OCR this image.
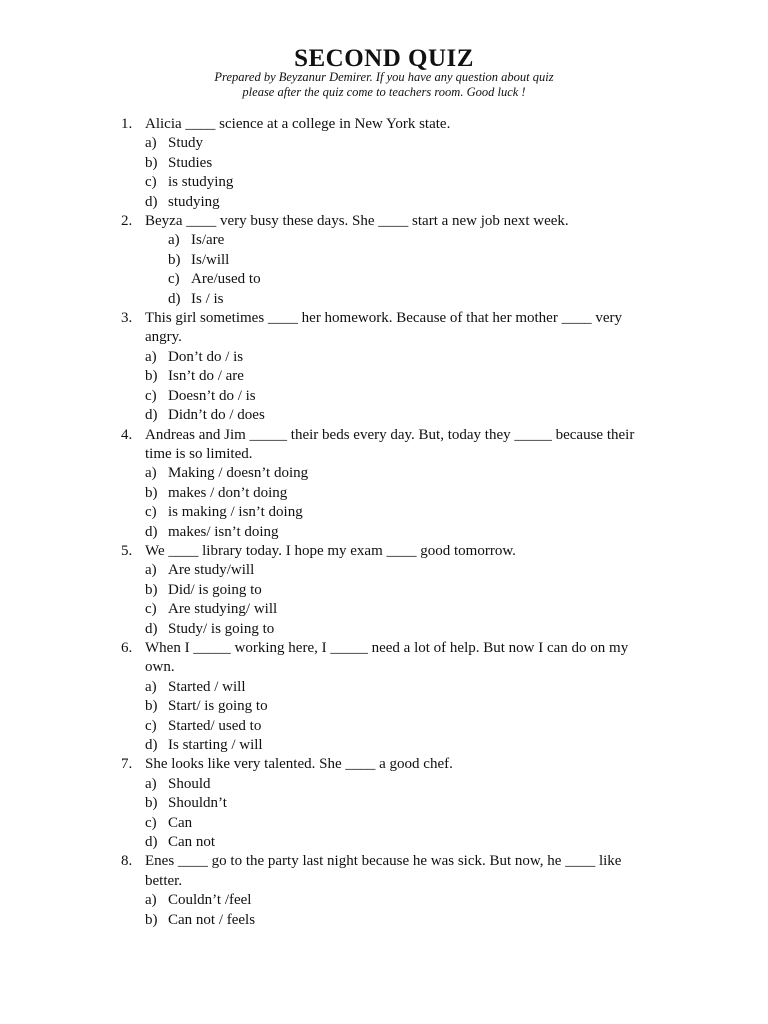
SECOND QUIZ
Prepared by Beyzanur Demirer. If you have any question about quiz
please after the quiz come to teachers room. Good luck !
1. Alicia ____ science at a college in New York state.
a) Study
b) Studies
c) is studying
d) studying
2. Beyza ____ very busy these days. She ____ start a new job next week.
a) Is/are
b) Is/will
c) Are/used to
d) Is / is
3. This girl sometimes ____ her homework. Because of that her mother ____ very
angry.
a) Don’t do / is
b) Isn’t do / are
c) Doesn’t do / is
d) Didn’t do / does
4. Andreas and Jim _____ their beds every day. But, today they _____ because their
time is so limited.
a) Making / doesn’t doing
b) makes / don’t doing
c) is making / isn’t doing
d) makes/ isn’t doing
5. We ____ library today. I hope my exam ____ good tomorrow.
a) Are study/will
b) Did/ is going to
c) Are studying/ will
d) Study/ is going to
6. When I _____ working here, I _____ need a lot of help. But now I can do on my
own.
a) Started / will
b) Start/ is going to
c) Started/ used to
d) Is starting / will
7. She looks like very talented. She ____ a good chef.
a) Should
b) Shouldn’t
c) Can
d) Can not
8. Enes ____ go to the party last night because he was sick. But now, he ____ like
better.
a) Couldn’t /feel
b) Can not / feels
